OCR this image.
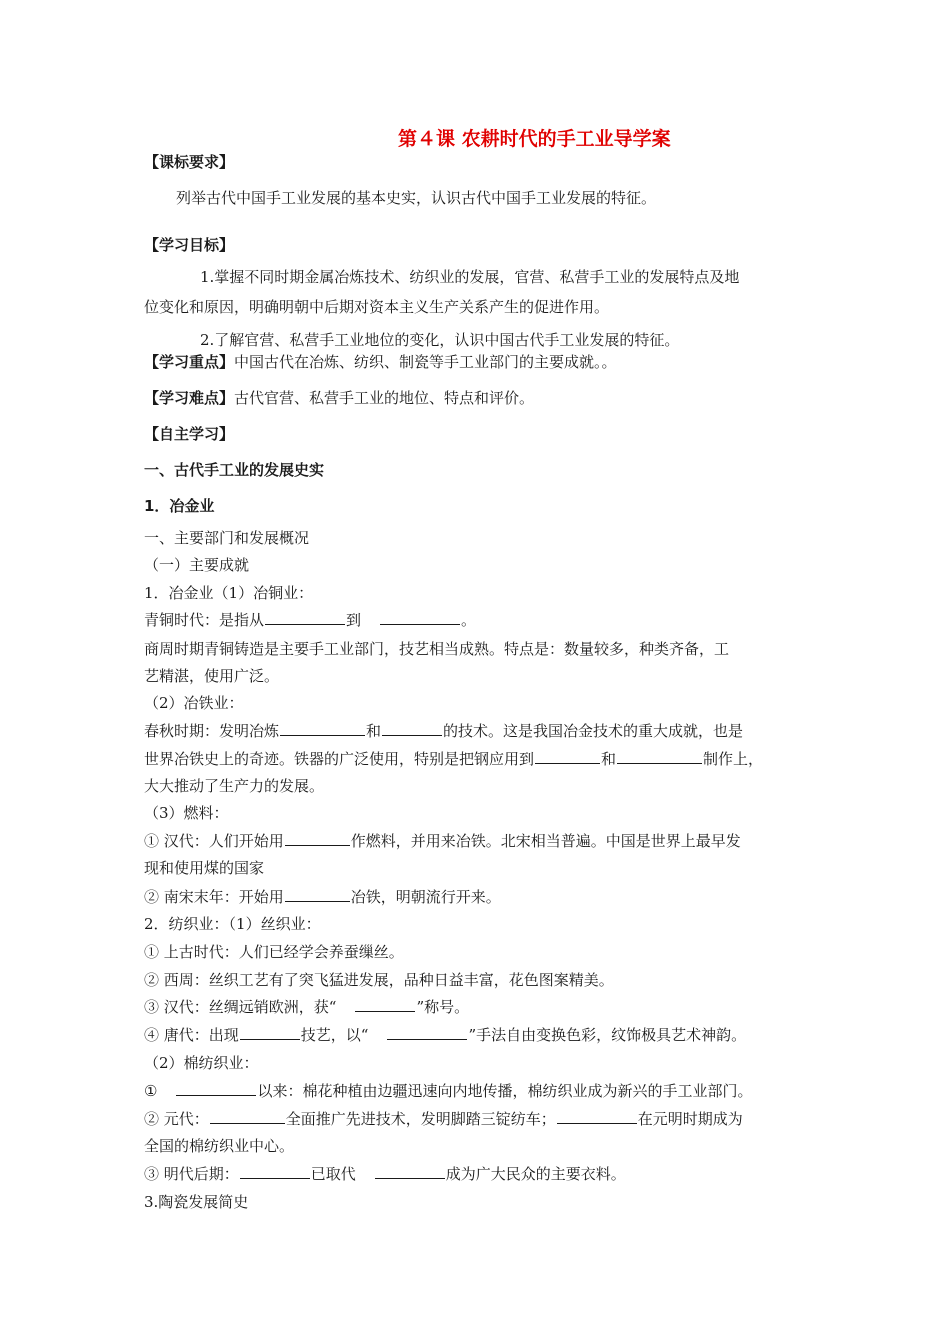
第４课 农耕时代的手工业导学案
【课标要求】
列举古代中国手工业发展的基本史实，认识古代中国手工业发展的特征。
【学习目标】
1.掌握不同时期金属冶炼技术、纺织业的发展，官营、私营手工业的发展特点及地
位变化和原因，明确明朝中后期对资本主义生产关系产生的促进作用。
2.了解官营、私营手工业地位的变化，认识中国古代手工业发展的特征。
【学习重点】中国古代在冶炼、纺织、制瓷等手工业部门的主要成就。。
【学习难点】古代官营、私营手工业的地位、特点和评价。
【自主学习】
一、古代手工业的发展史实
1．冶金业
一、主要部门和发展概况
（一）主要成就
1．冶金业（1）冶铜业：
青铜时代：是指从	到	。
商周时期青铜铸造是主要手工业部门，技艺相当成熟。特点是：数量较多，种类齐备，工
艺精湛，使用广泛。
（2）冶铁业：
春秋时期：发明冶炼	和	的技术。这是我国冶金技术的重大成就，也是
世界冶铁史上的奇迹。铁器的广泛使用，特别是把钢应用到	和	制作上，
大大推动了生产力的发展。
（3）燃料：
① 汉代：人们开始用	作燃料，并用来冶铁。北宋相当普遍。中国是世界上最早发
现和使用煤的国家
② 南宋末年：开始用	冶铁，明朝流行开来。
2．纺织业：（1）丝织业：
① 上古时代：人们已经学会养蚕缫丝。
② 西周：丝织工艺有了突飞猛进发展，品种日益丰富，花色图案精美。
③ 汉代：丝绸远销欧洲，获“	”称号。
④ 唐代：出现	技艺，以“	”手法自由变换色彩，纹饰极具艺术神韵。
（2）棉纺织业：
①	以来：棉花种植由边疆迅速向内地传播，棉纺织业成为新兴的手工业部门。
② 元代：	全面推广先进技术，发明脚踏三锭纺车；	在元明时期成为
全国的棉纺织业中心。
③ 明代后期：	已取代	成为广大民众的主要衣料。
3.陶瓷发展简史
